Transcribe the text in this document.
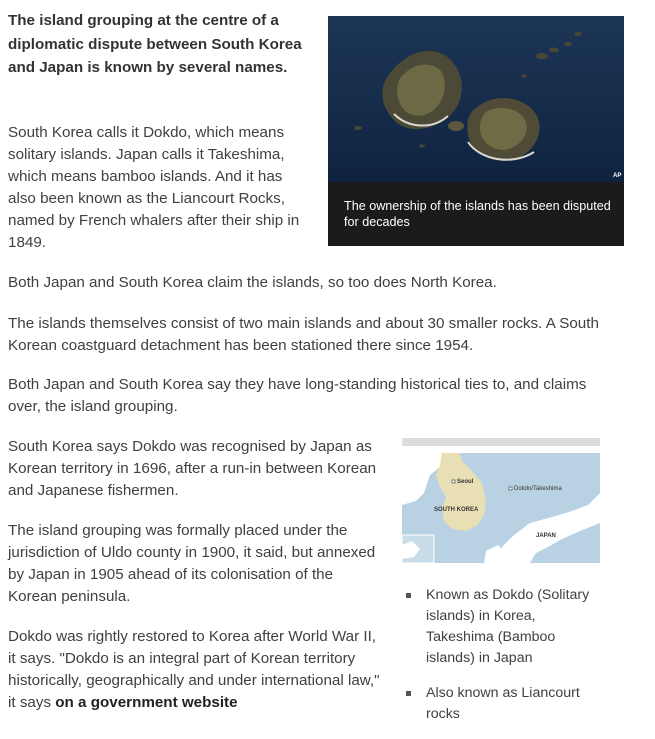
The island grouping at the centre of a diplomatic dispute between South Korea and Japan is known by several names.

AP
The ownership of the islands has been disputed for decades

South Korea calls it Dokdo, which means solitary islands. Japan calls it Takeshima, which means bamboo islands. And it has also been known as the Liancourt Rocks, named by French whalers after their ship in 1849.

Both Japan and South Korea claim the islands, so too does North Korea.

The islands themselves consist of two main islands and about 30 smaller rocks. A South Korean coastguard detachment has been stationed there since 1954.

Both Japan and South Korea say they have long-standing historical ties to, and claims over, the island grouping.

South Korea says Dokdo was recognised by Japan as Korean territory in 1696, after a run-in between Korean and Japanese fishermen.

The island grouping was formally placed under the jurisdiction of Uldo county in 1900, it said, but annexed by Japan in 1905 ahead of its colonisation of the Korean peninsula.

Dokdo was rightly restored to Korea after World War II, it says. "Dokdo is an integral part of Korean territory historically, geographically and under international law," it says on a government website

Seoul
Dokdo/Takeshima
SOUTH KOREA
JAPAN
Known as Dokdo (Solitary islands) in Korea, Takeshima (Bamboo islands) in Japan
Also known as Liancourt rocks
